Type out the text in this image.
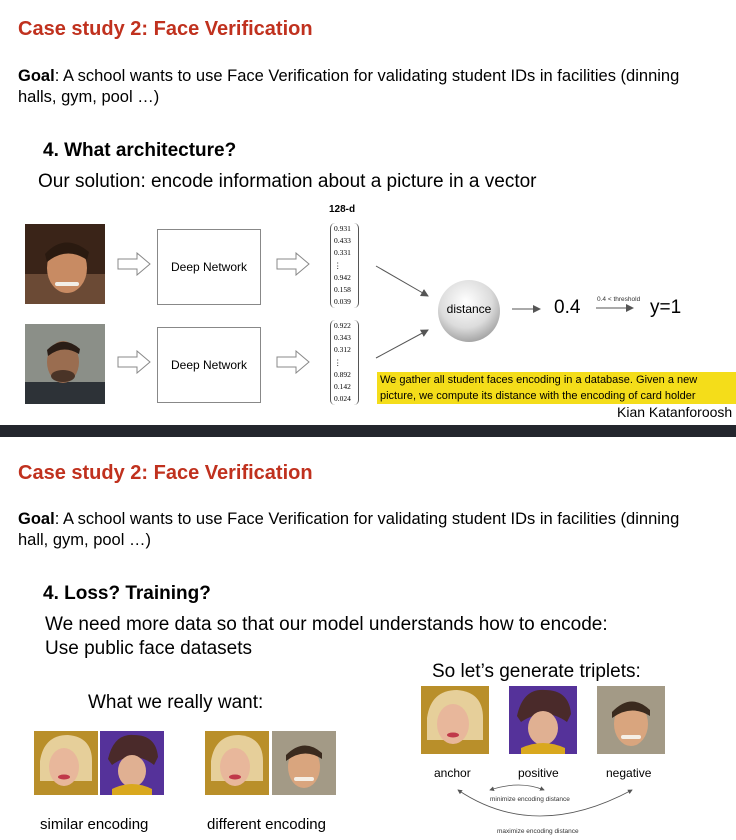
Case study 2: Face Verification
Goal: A school wants to use Face Verification for validating student IDs in facilities (dinning halls, gym, pool …)
4. What architecture?
Our solution: encode information about a picture in a vector
Deep Network
Deep Network
128-d
0.931
0.433
0.331
⋮
0.942
0.158
0.039
0.922
0.343
0.312
⋮
0.892
0.142
0.024
distance	0.4	0.4 < threshold y=1
We gather all student faces encoding in a database. Given a new
picture, we compute its distance with the encoding of card holder
Kian Katanforoosh
Case study 2: Face Verification
Goal: A school wants to use Face Verification for validating student IDs in facilities (dinning hall, gym, pool …)
4. Loss? Training?
We need more data so that our model understands how to encode:
Use public face datasets
So let’s generate triplets:
What we really want:
similar encoding	different encoding
anchor	positive	negative
minimize encoding distance
maximize encoding distance
